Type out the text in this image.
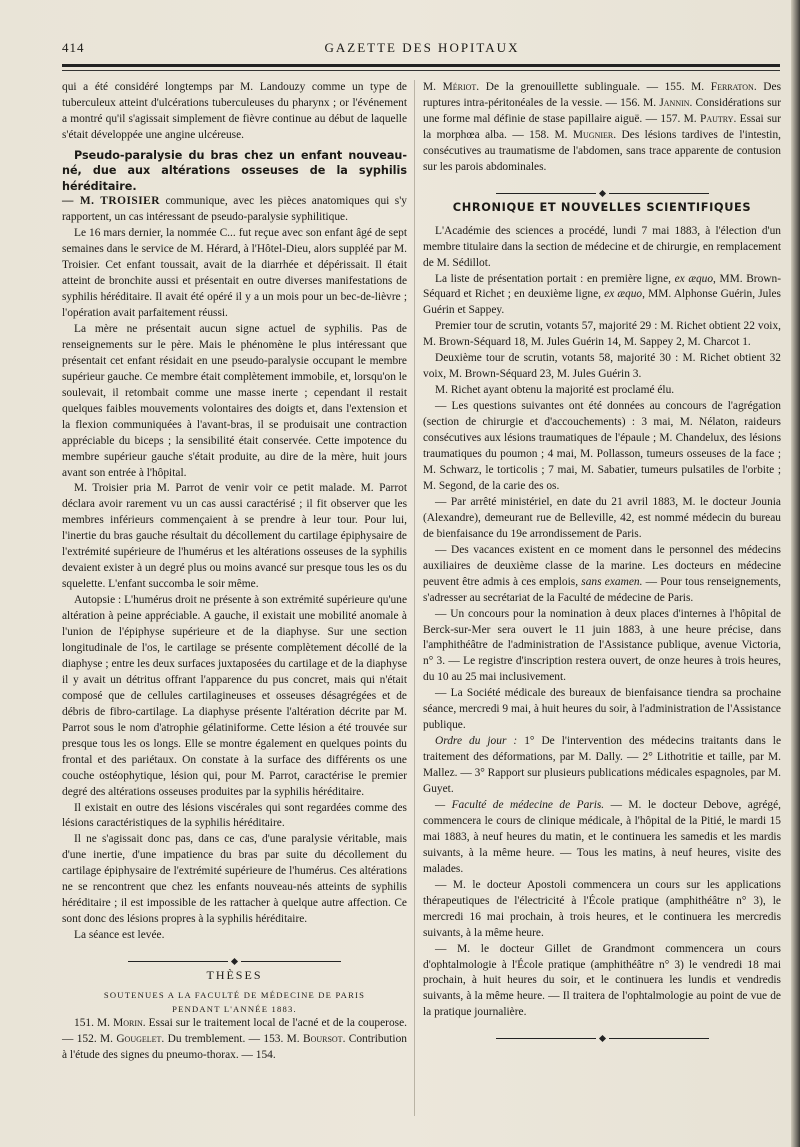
414	GAZETTE DES HOPITAUX

qui a été considéré longtemps par M. Landouzy comme un type de tuberculeux atteint d'ulcérations tuberculeuses du pharynx ; or l'événement a montré qu'il s'agissait simplement de fièvre continue au début de laquelle s'était développée une angine ulcéreuse.

Pseudo-paralysie du bras chez un enfant nouveau-né, due aux altérations osseuses de la syphilis héréditaire.

— M. TROISIER communique, avec les pièces anatomiques qui s'y rapportent, un cas intéressant de pseudo-paralysie syphilitique.

Le 16 mars dernier, la nommée C... fut reçue avec son enfant âgé de sept semaines dans le service de M. Hérard, à l'Hôtel-Dieu, alors suppléé par M. Troisier. Cet enfant toussait, avait de la diarrhée et dépérissait. Il était atteint de bronchite aussi et présentait en outre diverses manifestations de syphilis héréditaire. Il avait été opéré il y a un mois pour un bec-de-lièvre ; l'opération avait parfaitement réussi.

La mère ne présentait aucun signe actuel de syphilis. Pas de renseignements sur le père. Mais le phénomène le plus intéressant que présentait cet enfant résidait en une pseudo-paralysie occupant le membre supérieur gauche. Ce membre était complètement immobile, et, lorsqu'on le soulevait, il retombait comme une masse inerte ; cependant il restait quelques faibles mouvements volontaires des doigts et, dans l'extension et la flexion communiquées à l'avant-bras, il se produisait une contraction appréciable du biceps ; la sensibilité était conservée. Cette impotence du membre supérieur gauche s'était produite, au dire de la mère, huit jours avant son entrée à l'hôpital.

M. Troisier pria M. Parrot de venir voir ce petit malade. M. Parrot déclara avoir rarement vu un cas aussi caractérisé ; il fit observer que les membres inférieurs commençaient à se prendre à leur tour. Pour lui, l'inertie du bras gauche résultait du décollement du cartilage épiphysaire de l'extrémité supérieure de l'humérus et les altérations osseuses de la syphilis devaient exister à un degré plus ou moins avancé sur presque tous les os du squelette. L'enfant succomba le soir même.

Autopsie : L'humérus droit ne présente à son extrémité supérieure qu'une altération à peine appréciable. A gauche, il existait une mobilité anomale à l'union de l'épiphyse supérieure et de la diaphyse. Sur une section longitudinale de l'os, le cartilage se présente complètement décollé de la diaphyse ; entre les deux surfaces juxtaposées du cartilage et de la diaphyse il y avait un détritus offrant l'apparence du pus concret, mais qui n'était composé que de cellules cartilagineuses et osseuses désagrégées et de débris de fibro-cartilage. La diaphyse présente l'altération décrite par M. Parrot sous le nom d'atrophie gélatiniforme. Cette lésion a été trouvée sur presque tous les os longs. Elle se montre également en quelques points du frontal et des pariétaux. On constate à la surface des différents os une couche ostéophytique, lésion qui, pour M. Parrot, caractérise le premier degré des altérations osseuses produites par la syphilis héréditaire.

Il existait en outre des lésions viscérales qui sont regardées comme des lésions caractéristiques de la syphilis héréditaire.

Il ne s'agissait donc pas, dans ce cas, d'une paralysie véritable, mais d'une inertie, d'une impatience du bras par suite du décollement du cartilage épiphysaire de l'extrémité supérieure de l'humérus. Ces altérations ne se rencontrent que chez les enfants nouveau-nés atteints de syphilis héréditaire ; il est impossible de les rattacher à quelque autre affection. Ce sont donc des lésions propres à la syphilis héréditaire.

La séance est levée.

THÈSES
SOUTENUES A LA FACULTÉ DE MÉDECINE DE PARIS
PENDANT L'ANNÉE 1883.

151. M. Morin. Essai sur le traitement local de l'acné et de la couperose. — 152. M. Gougelet. Du tremblement. — 153. M. Boursot. Contribution à l'étude des signes du pneumo-thorax. — 154.

M. Mériot. De la grenouillette sublinguale. — 155. M. Ferraton. Des ruptures intra-péritonéales de la vessie. — 156. M. Jannin. Considérations sur une forme mal définie de stase papillaire aiguë. — 157. M. Pautry. Essai sur la morphœa alba. — 158. M. Mugnier. Des lésions tardives de l'intestin, consécutives au traumatisme de l'abdomen, sans trace apparente de contusion sur les parois abdominales.

CHRONIQUE ET NOUVELLES SCIENTIFIQUES

L'Académie des sciences a procédé, lundi 7 mai 1883, à l'élection d'un membre titulaire dans la section de médecine et de chirurgie, en remplacement de M. Sédillot.

La liste de présentation portait : en première ligne, ex æquo, MM. Brown-Séquard et Richet ; en deuxième ligne, ex æquo, MM. Alphonse Guérin, Jules Guérin et Sappey.

Premier tour de scrutin, votants 57, majorité 29 : M. Richet obtient 22 voix, M. Brown-Séquard 18, M. Jules Guérin 14, M. Sappey 2, M. Charcot 1.

Deuxième tour de scrutin, votants 58, majorité 30 : M. Richet obtient 32 voix, M. Brown-Séquard 23, M. Jules Guérin 3.

M. Richet ayant obtenu la majorité est proclamé élu.

— Les questions suivantes ont été données au concours de l'agrégation (section de chirurgie et d'accouchements) : 3 mai, M. Nélaton, raideurs consécutives aux lésions traumatiques de l'épaule ; M. Chandelux, des lésions traumatiques du poumon ; 4 mai, M. Pollasson, tumeurs osseuses de la face ; M. Schwarz, le torticolis ; 7 mai, M. Sabatier, tumeurs pulsatiles de l'orbite ; M. Segond, de la carie des os.

— Par arrêté ministériel, en date du 21 avril 1883, M. le docteur Jounia (Alexandre), demeurant rue de Belleville, 42, est nommé médecin du bureau de bienfaisance du 19e arrondissement de Paris.

— Des vacances existent en ce moment dans le personnel des médecins auxiliaires de deuxième classe de la marine. Les docteurs en médecine peuvent être admis à ces emplois, sans examen. — Pour tous renseignements, s'adresser au secrétariat de la Faculté de médecine de Paris.

— Un concours pour la nomination à deux places d'internes à l'hôpital de Berck-sur-Mer sera ouvert le 11 juin 1883, à une heure précise, dans l'amphithéâtre de l'administration de l'Assistance publique, avenue Victoria, n° 3. — Le registre d'inscription restera ouvert, de onze heures à trois heures, du 10 au 25 mai inclusivement.

— La Société médicale des bureaux de bienfaisance tiendra sa prochaine séance, mercredi 9 mai, à huit heures du soir, à l'administration de l'Assistance publique.

Ordre du jour : 1° De l'intervention des médecins traitants dans le traitement des déformations, par M. Dally. — 2° Lithotritie et taille, par M. Mallez. — 3° Rapport sur plusieurs publications médicales espagnoles, par M. Guyet.

— Faculté de médecine de Paris. — M. le docteur Debove, agrégé, commencera le cours de clinique médicale, à l'hôpital de la Pitié, le mardi 15 mai 1883, à neuf heures du matin, et le continuera les samedis et les mardis suivants, à la même heure. — Tous les matins, à neuf heures, visite des malades.

— M. le docteur Apostoli commencera un cours sur les applications thérapeutiques de l'électricité à l'École pratique (amphithéâtre n° 3), le mercredi 16 mai prochain, à trois heures, et le continuera les mercredis suivants, à la même heure.

— M. le docteur Gillet de Grandmont commencera un cours d'ophtalmologie à l'École pratique (amphithéâtre n° 3) le vendredi 18 mai prochain, à huit heures du soir, et le continuera les lundis et vendredis suivants, à la même heure. — Il traitera de l'ophtalmologie au point de vue de la pratique journalière.
